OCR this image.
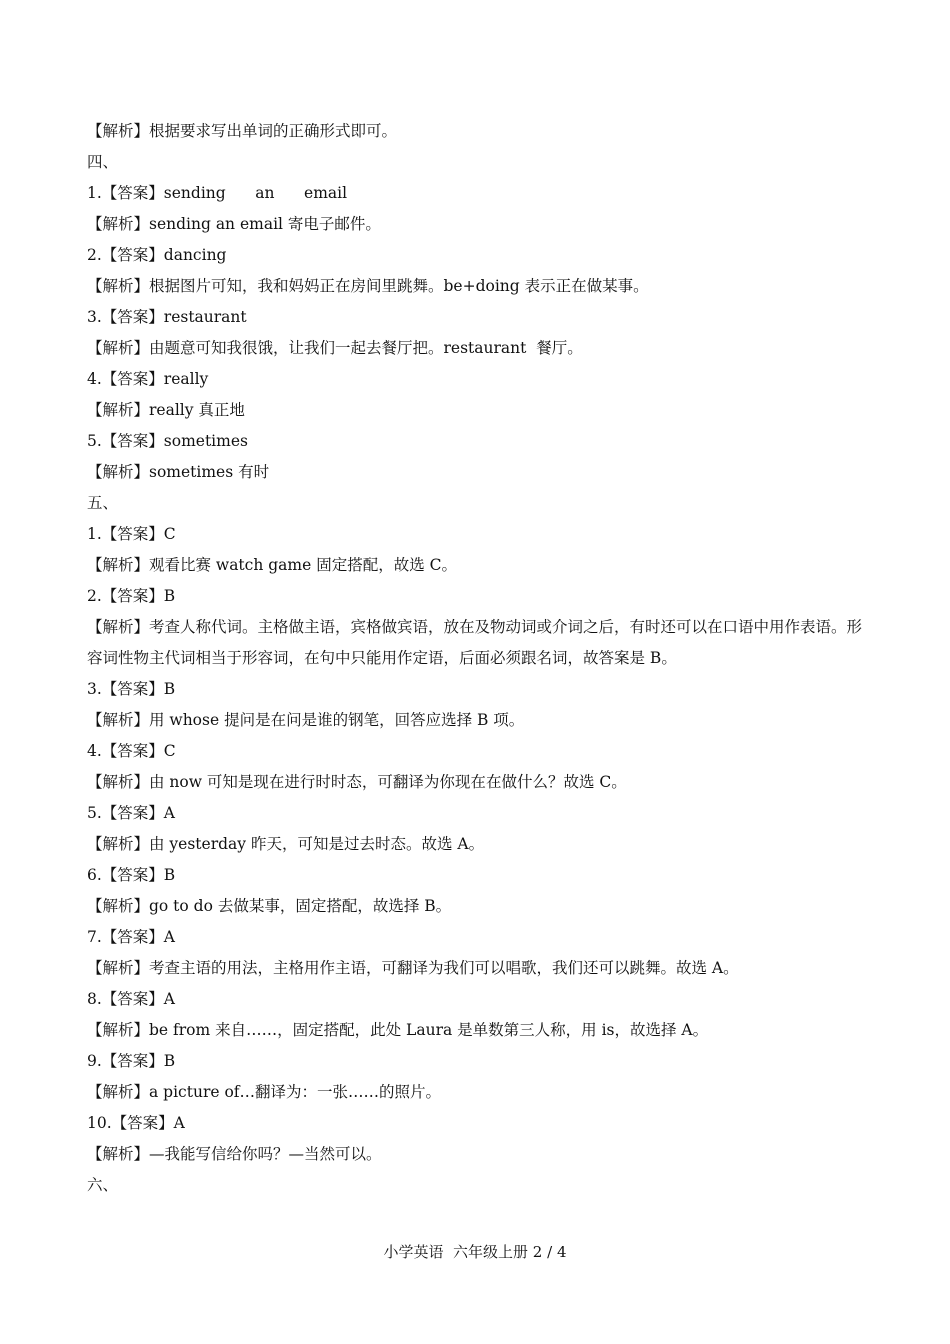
【解析】根据要求写出单词的正确形式即可。

四、

1.【答案】sending      an      email

【解析】sending an email 寄电子邮件。

2.【答案】dancing

【解析】根据图片可知，我和妈妈正在房间里跳舞。be+doing 表示正在做某事。

3.【答案】restaurant

【解析】由题意可知我很饿，让我们一起去餐厅把。restaurant  餐厅。

4.【答案】really

【解析】really 真正地

5.【答案】sometimes

【解析】sometimes 有时

五、

1.【答案】C

【解析】观看比赛 watch game 固定搭配，故选 C。

2.【答案】B

【解析】考查人称代词。主格做主语，宾格做宾语，放在及物动词或介词之后，有时还可以在口语中用作表语。形容词性物主代词相当于形容词，在句中只能用作定语，后面必须跟名词，故答案是 B。

3.【答案】B

【解析】用 whose 提问是在问是谁的钢笔，回答应选择 B 项。

4.【答案】C

【解析】由 now 可知是现在进行时时态，可翻译为你现在在做什么？故选 C。

5.【答案】A

【解析】由 yesterday 昨天，可知是过去时态。故选 A。

6.【答案】B

【解析】go to do 去做某事，固定搭配，故选择 B。

7.【答案】A

【解析】考查主语的用法，主格用作主语，可翻译为我们可以唱歌，我们还可以跳舞。故选 A。

8.【答案】A

【解析】be from 来自……，固定搭配，此处 Laura 是单数第三人称，用 is，故选择 A。

9.【答案】B

【解析】a picture of…翻译为：一张……的照片。

10.【答案】A

【解析】—我能写信给你吗？—当然可以。

六、

小学英语  六年级上册 2 / 4
